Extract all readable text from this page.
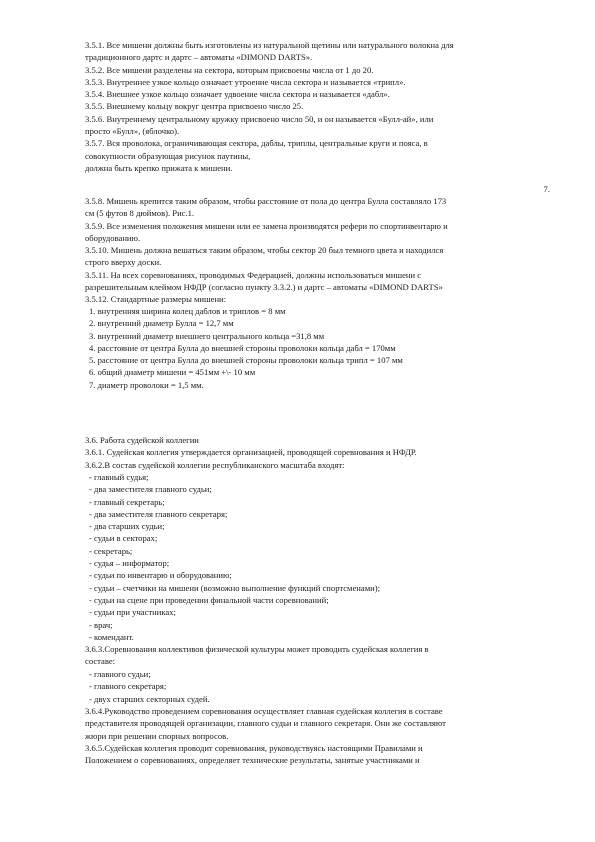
3.5.1. Все мишени должны быть изготовлены из натуральной щетины или натурального волокна для

традиционного дартс и дартс – автоматы «DIMOND DARTS».

3.5.2. Все мишени разделены на сектора, которым присвоены числа от 1 до 20.

3.5.3. Внутреннее узкое кольцо означает утроение числа сектора и называется «трипл».

3.5.4. Внешнее узкое кольцо означает удвоение числа сектора и называется «дабл».

3.5.5. Внешнему кольцу вокруг центра присвоено число 25.

3.5.6. Внутреннему центральному кружку присвоено число 50, и он называется «Булл-ай», или

просто «Булл», (яблочко).

3.5.7. Вся проволока, ограничивающая сектора, даблы, триплы, центральные круги и пояса, в

совокупности образующая рисунок паутины,

должна быть крепко прижата к мишени.

7.

3.5.8. Мишень крепится таким образом, чтобы расстояние от пола до центра Булла составляло 173

см (5 футов 8 дюймов). Рис.1.

3.5.9. Все изменения положения мишени или ее замена производятся рефери по спортинвентарю и

оборудованию.

3.5.10. Мишень должна вешаться таким образом, чтобы сектор 20 был темного цвета и находился

строго вверху доски.

3.5.11. На всех соревнованиях, проводимых Федерацией, должны использоваться мишени с

разрешительным клеймом НФДР (согласно пункту 3.3.2.) и дартс – автоматы «DIMOND DARTS»

3.5.12. Стандартные размеры мишени:

1. внутренняя ширина колец даблов и триплов = 8 мм

2. внутренний диаметр Булла = 12,7 мм

3. внутренний диаметр внешнего центрального кольца =31,8 мм

4. расстояние от центра Булла до внешней стороны проволоки кольца дабл = 170мм

5. расстояние от центра Булла до внешней стороны проволоки кольца трипл = 107 мм

6. общий диаметр мишени = 451мм +\- 10 мм

7. диаметр проволоки = 1,5 мм.

3.6. Работа судейской коллегии

3.6.1. Судейская коллегия утверждается организацией, проводящей соревнования и НФДР.

3.6.2.В состав судейской коллегии республиканского масштаба входят:

- главный судья;

- два заместителя главного судьи;

- главный секретарь;

- два заместителя главного секретаря;

- два старших судьи;

- судьи в секторах;

- секретарь;

- судья – информатор;

- судьи по инвентарю и оборудованию;

- судьи – счетчики на мишени (возможно выполнение функций спортсменами);

- судьи на сцене при проведении финальной части соревнований;

- судьи при участниках;

- врач;

- комендант.

3.6.3.Соревнования коллективов физической культуры может проводить судейская коллегия в

составе:

- главного судьи;

- главного секретаря;

- двух старших секторных судей.

3.6.4.Руководство проведением соревнования осуществляет главная судейская коллегия в составе

представителя проводящей организации, главного судьи и главного секретаря. Они же составляют

жюри при решении спорных вопросов.

3.6.5.Судейская коллегия проводит соревнования, руководствуясь настоящими Правилами и

Положением о соревнованиях, определяет технические результаты, занятые участниками и
